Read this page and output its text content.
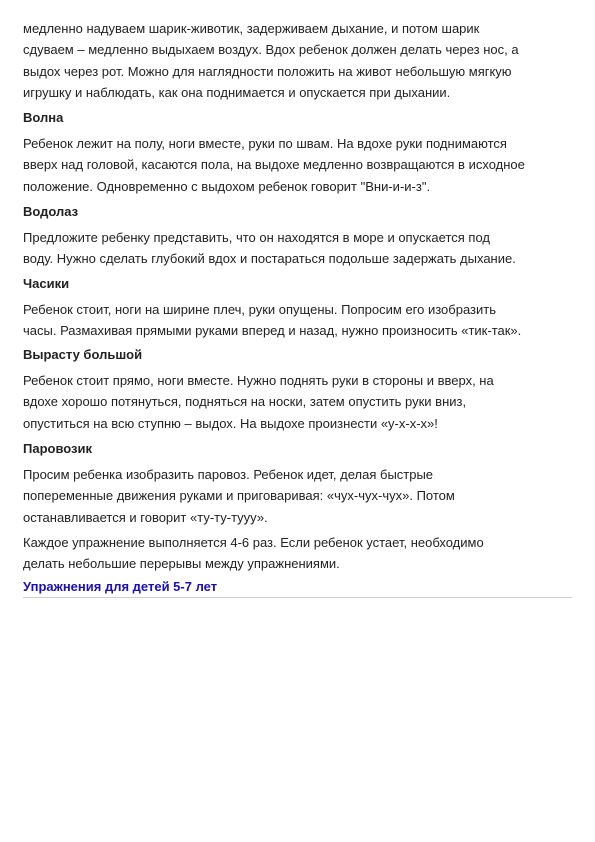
медленно надуваем шарик-животик, задерживаем дыхание, и потом шарик
сдуваем – медленно выдыхаем воздух. Вдох ребенок должен делать через нос, а
выдох через рот. Можно для наглядности положить на живот небольшую мягкую
игрушку и наблюдать, как она поднимается и опускается при дыхании.

Волна

Ребенок лежит на полу, ноги вместе, руки по швам. На вдохе руки поднимаются
вверх над головой, касаются пола, на выдохе медленно возвращаются в исходное
положение. Одновременно с выдохом ребенок говорит "Вни-и-и-з".

Водолаз

Предложите ребенку представить, что он находятся в море и опускается под
воду. Нужно сделать глубокий вдох и постараться подольше задержать дыхание.

Часики

Ребенок стоит, ноги на ширине плеч, руки опущены. Попросим его изобразить
часы. Размахивая прямыми руками вперед и назад, нужно произносить «тик-так».

Вырасту большой

Ребенок стоит прямо, ноги вместе. Нужно поднять руки в стороны и вверх, на
вдохе хорошо потянуться, подняться на носки, затем опустить руки вниз,
опуститься на всю ступню – выдох. На выдохе произнести «у-х-х-х»!

Паровозик

Просим ребенка изобразить паровоз. Ребенок идет, делая быстрые
попеременные движения руками и приговаривая: «чух-чух-чух». Потом
останавливается и говорит «ту-ту-тууу».

Каждое упражнение выполняется 4-6 раз. Если ребенок устает, необходимо
делать небольшие перерывы между упражнениями.

Упражнения для детей 5-7 лет
